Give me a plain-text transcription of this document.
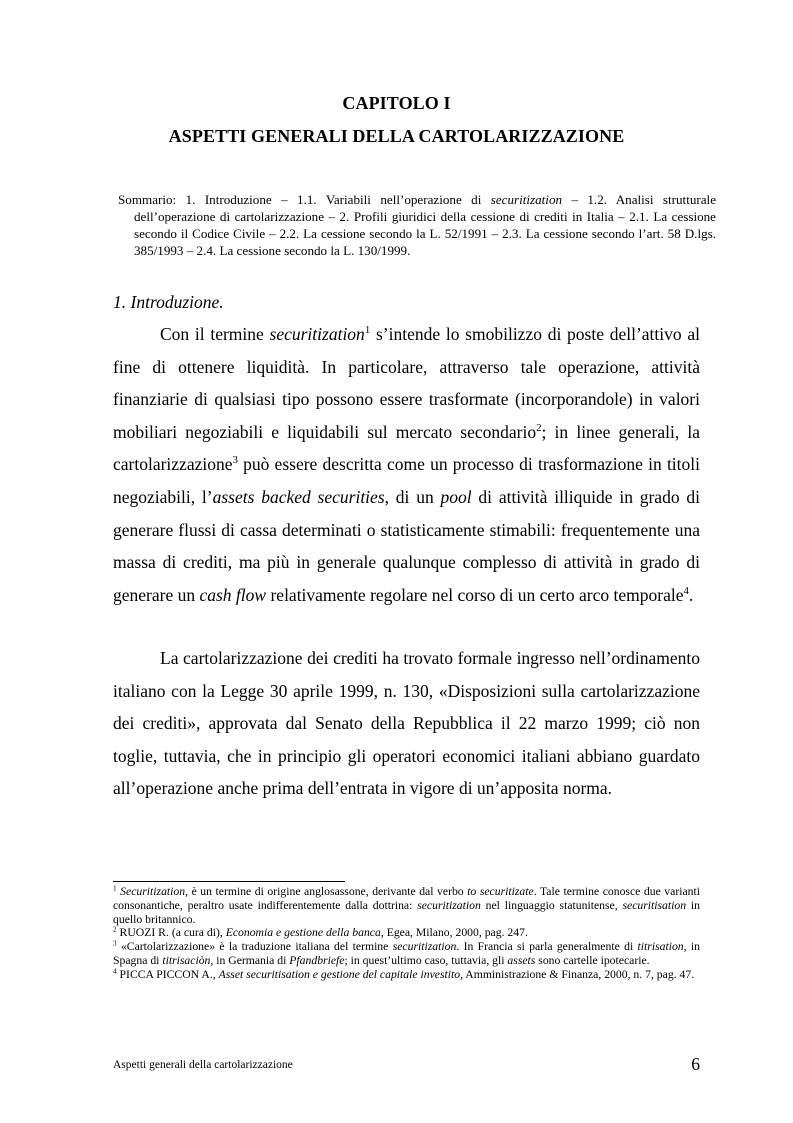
CAPITOLO I
ASPETTI GENERALI DELLA CARTOLARIZZAZIONE
Sommario: 1. Introduzione – 1.1. Variabili nell’operazione di securitization – 1.2. Analisi strutturale dell’operazione di cartolarizzazione – 2. Profili giuridici della cessione di crediti in Italia – 2.1. La cessione secondo il Codice Civile – 2.2. La cessione secondo la L. 52/1991 – 2.3. La cessione secondo l’art. 58 D.lgs. 385/1993 – 2.4. La cessione secondo la L. 130/1999.
1. Introduzione.

Con il termine securitization$^1$ s’intende lo smobilizzo di poste dell’attivo al fine di ottenere liquidità. In particolare, attraverso tale operazione, attività finanziarie di qualsiasi tipo possono essere trasformate (incorporandole) in valori mobiliari negoziabili e liquidabili sul mercato secondario$^2$; in linee generali, la cartolarizzazione$^3$ può essere descritta come un processo di trasformazione in titoli negoziabili, l’assets backed securities, di un pool di attività illiquide in grado di generare flussi di cassa determinati o statisticamente stimabili: frequentemente una massa di crediti, ma più in generale qualunque complesso di attività in grado di generare un cash flow relativamente regolare nel corso di un certo arco temporale$^4$.

La cartolarizzazione dei crediti ha trovato formale ingresso nell’ordinamento italiano con la Legge 30 aprile 1999, n. 130, «Disposizioni sulla cartolarizzazione dei crediti», approvata dal Senato della Repubblica il 22 marzo 1999; ciò non toglie, tuttavia, che in principio gli operatori economici italiani abbiano guardato all’operazione anche prima dell’entrata in vigore di un’apposita norma.

$^1$ Securitization, è un termine di origine anglosassone, derivante dal verbo to securitizate. Tale termine conosce due varianti consonantiche, peraltro usate indifferentemente dalla dottrina: securitization nel linguaggio statunitense, securitisation in quello britannico.

$^2$ RUOZI R. (a cura di), Economia e gestione della banca, Egea, Milano, 2000, pag. 247.

$^3$ «Cartolarizzazione» è la traduzione italiana del termine securitization. In Francia si parla generalmente di titrisation, in Spagna di titrisaciòn, in Germania di Pfandbriefe; in quest’ultimo caso, tuttavia, gli assets sono cartelle ipotecarie.

$^4$ PICCA PICCON A., Asset securitisation e gestione del capitale investito, Amministrazione & Finanza, 2000, n. 7, pag. 47.

Aspetti generali della cartolarizzazione	6
